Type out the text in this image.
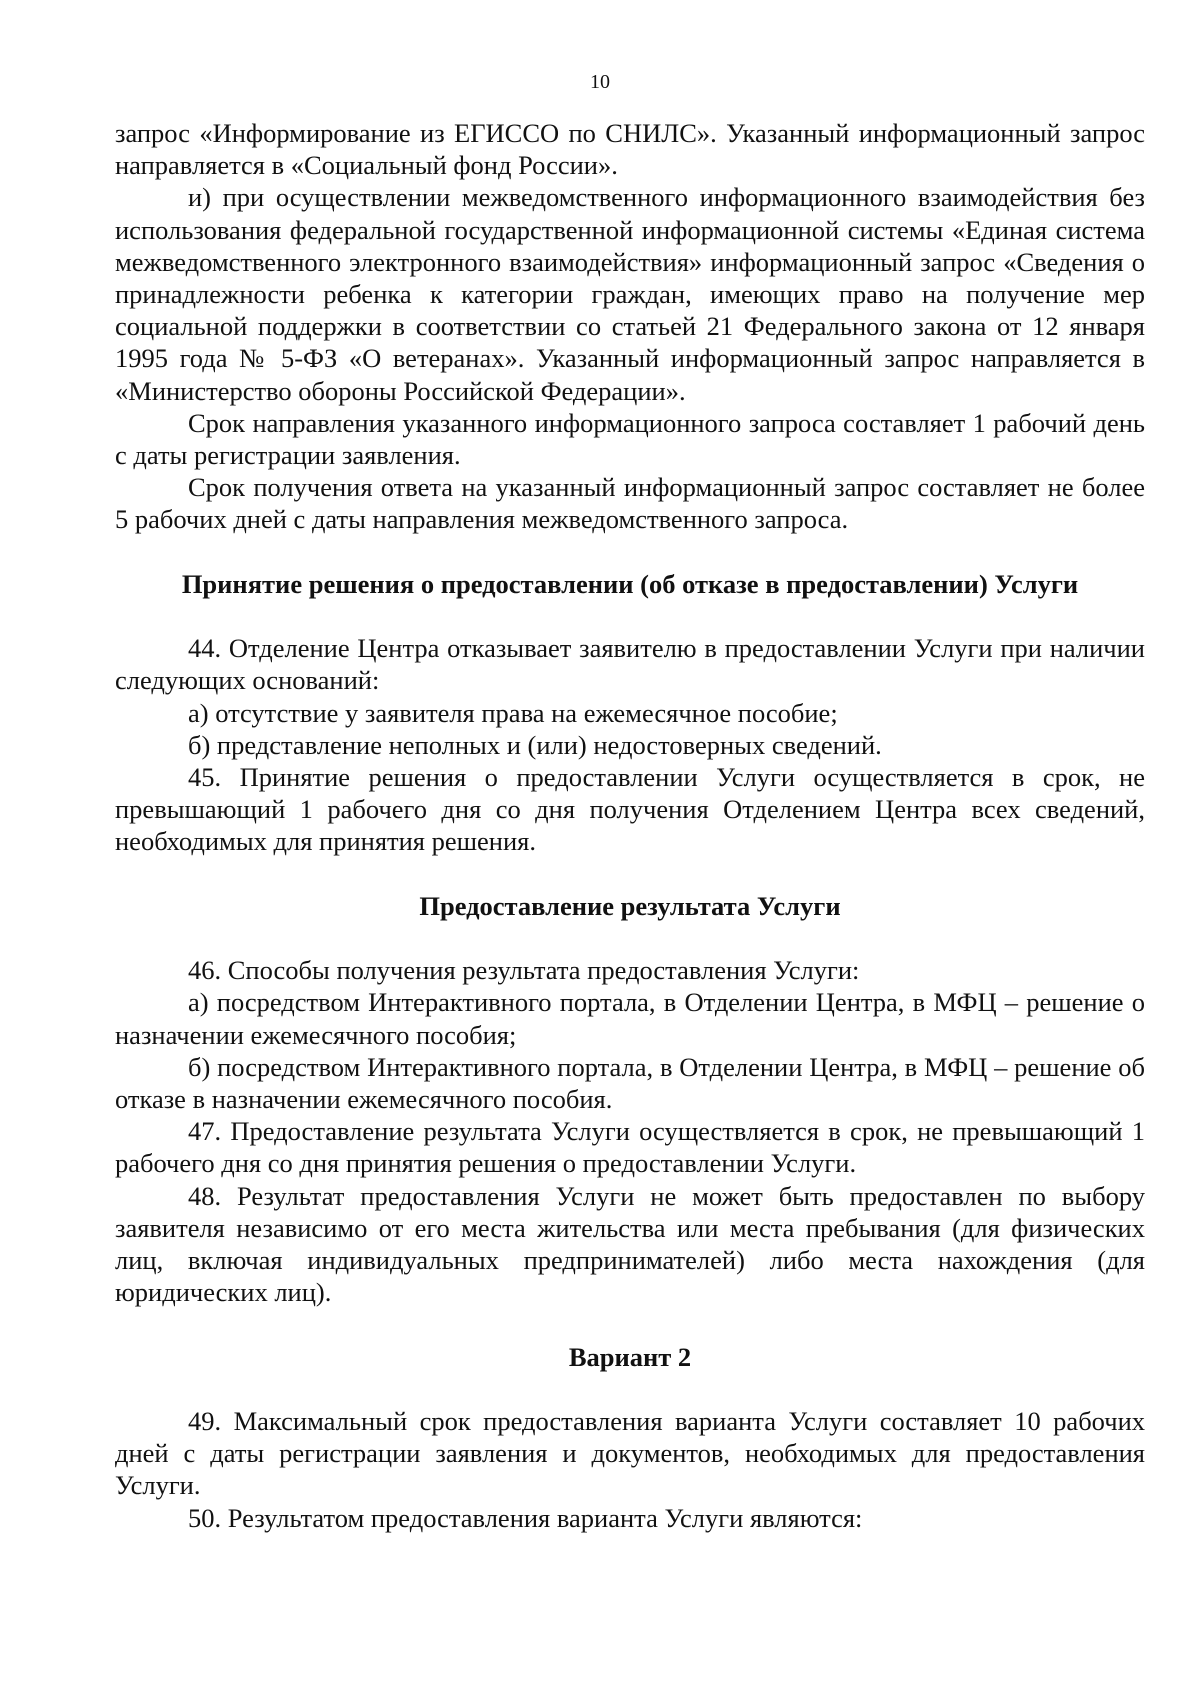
10

запрос «Информирование из ЕГИССО по СНИЛС». Указанный информационный запрос направляется в «Социальный фонд России».

и) при осуществлении межведомственного информационного взаимодействия без использования федеральной государственной информационной системы «Единая система межведомственного электронного взаимодействия» информационный запрос «Сведения о принадлежности ребенка к категории граждан, имеющих право на получение мер социальной поддержки в соответствии со статьей 21 Федерального закона от 12 января 1995 года № 5-ФЗ «О ветеранах». Указанный информационный запрос направляется в «Министерство обороны Российской Федерации».

Срок направления указанного информационного запроса составляет 1 рабочий день с даты регистрации заявления.

Срок получения ответа на указанный информационный запрос составляет не более 5 рабочих дней с даты направления межведомственного запроса.

Принятие решения о предоставлении (об отказе в предоставлении) Услуги

44. Отделение Центра отказывает заявителю в предоставлении Услуги при наличии следующих оснований:

а) отсутствие у заявителя права на ежемесячное пособие;

б) представление неполных и (или) недостоверных сведений.

45. Принятие решения о предоставлении Услуги осуществляется в срок, не превышающий 1 рабочего дня со дня получения Отделением Центра всех сведений, необходимых для принятия решения.

Предоставление результата Услуги

46. Способы получения результата предоставления Услуги:

а) посредством Интерактивного портала, в Отделении Центра, в МФЦ – решение о назначении ежемесячного пособия;

б) посредством Интерактивного портала, в Отделении Центра, в МФЦ – решение об отказе в назначении ежемесячного пособия.

47. Предоставление результата Услуги осуществляется в срок, не превышающий 1 рабочего дня со дня принятия решения о предоставлении Услуги.

48. Результат предоставления Услуги не может быть предоставлен по выбору заявителя независимо от его места жительства или места пребывания (для физических лиц, включая индивидуальных предпринимателей) либо места нахождения (для юридических лиц).

Вариант 2

49. Максимальный срок предоставления варианта Услуги составляет 10 рабочих дней с даты регистрации заявления и документов, необходимых для предоставления Услуги.

50. Результатом предоставления варианта Услуги являются:
